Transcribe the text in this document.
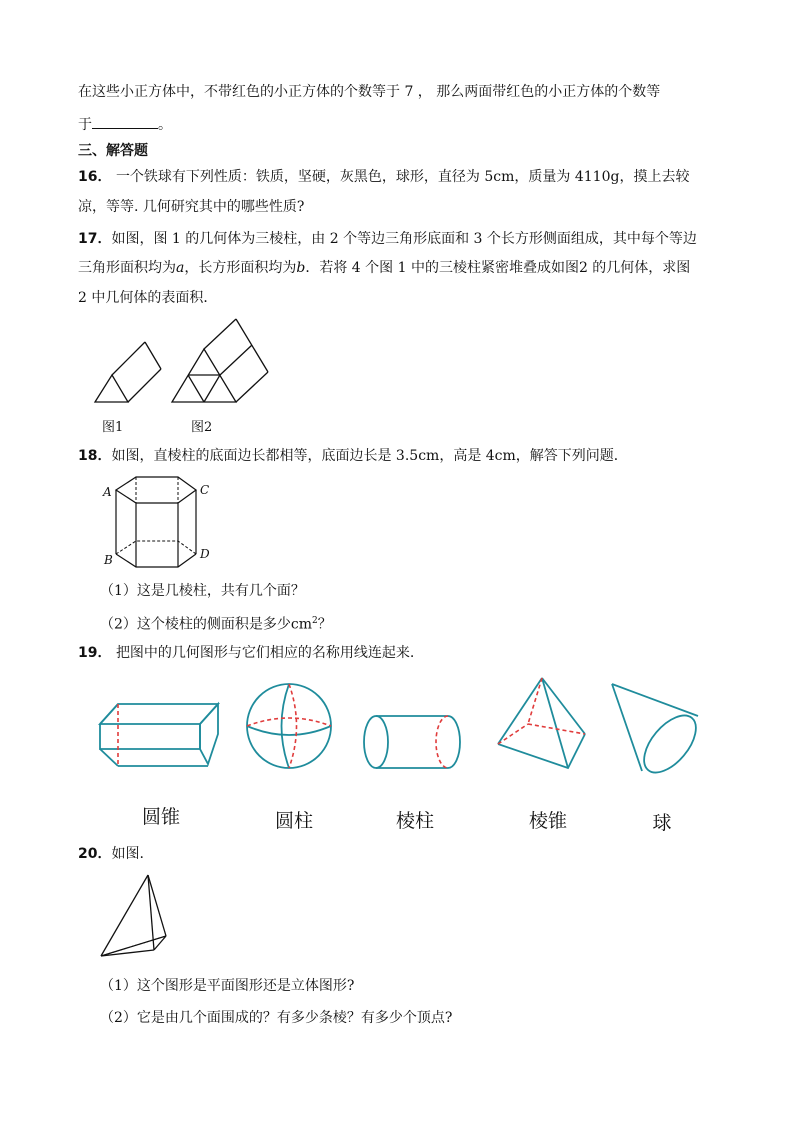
在这些小正方体中，不带红色的小正方体的个数等于 7 ， 那么两面带红色的小正方体的个数等
于	。
三、解答题
16． 一个铁球有下列性质：铁质，坚硬，灰黑色，球形，直径为 5cm，质量为 4110g，摸上去较
凉，等等. 几何研究其中的哪些性质?
17．如图，图 1 的几何体为三棱柱，由 2 个等边三角形底面和 3 个长方形侧面组成，其中每个等边
三角形面积均为a，长方形面积均为b．若将 4 个图 1 中的三棱柱紧密堆叠成如图2 的几何体，求图
2 中几何体的表面积．
图1	图2
18．如图，直棱柱的底面边长都相等，底面边长是 3.5cm，高是 4cm，解答下列问题．
A	C
B	D
（1）这是几棱柱，共有几个面？
（2）这个棱柱的侧面积是多少$cm^2$？
19． 把图中的几何图形与它们相应的名称用线连起来.
圆锥	圆柱	棱柱	棱锥	球
20．如图.
（1）这个图形是平面图形还是立体图形?
（2）它是由几个面围成的？有多少条棱？有多少个顶点?
